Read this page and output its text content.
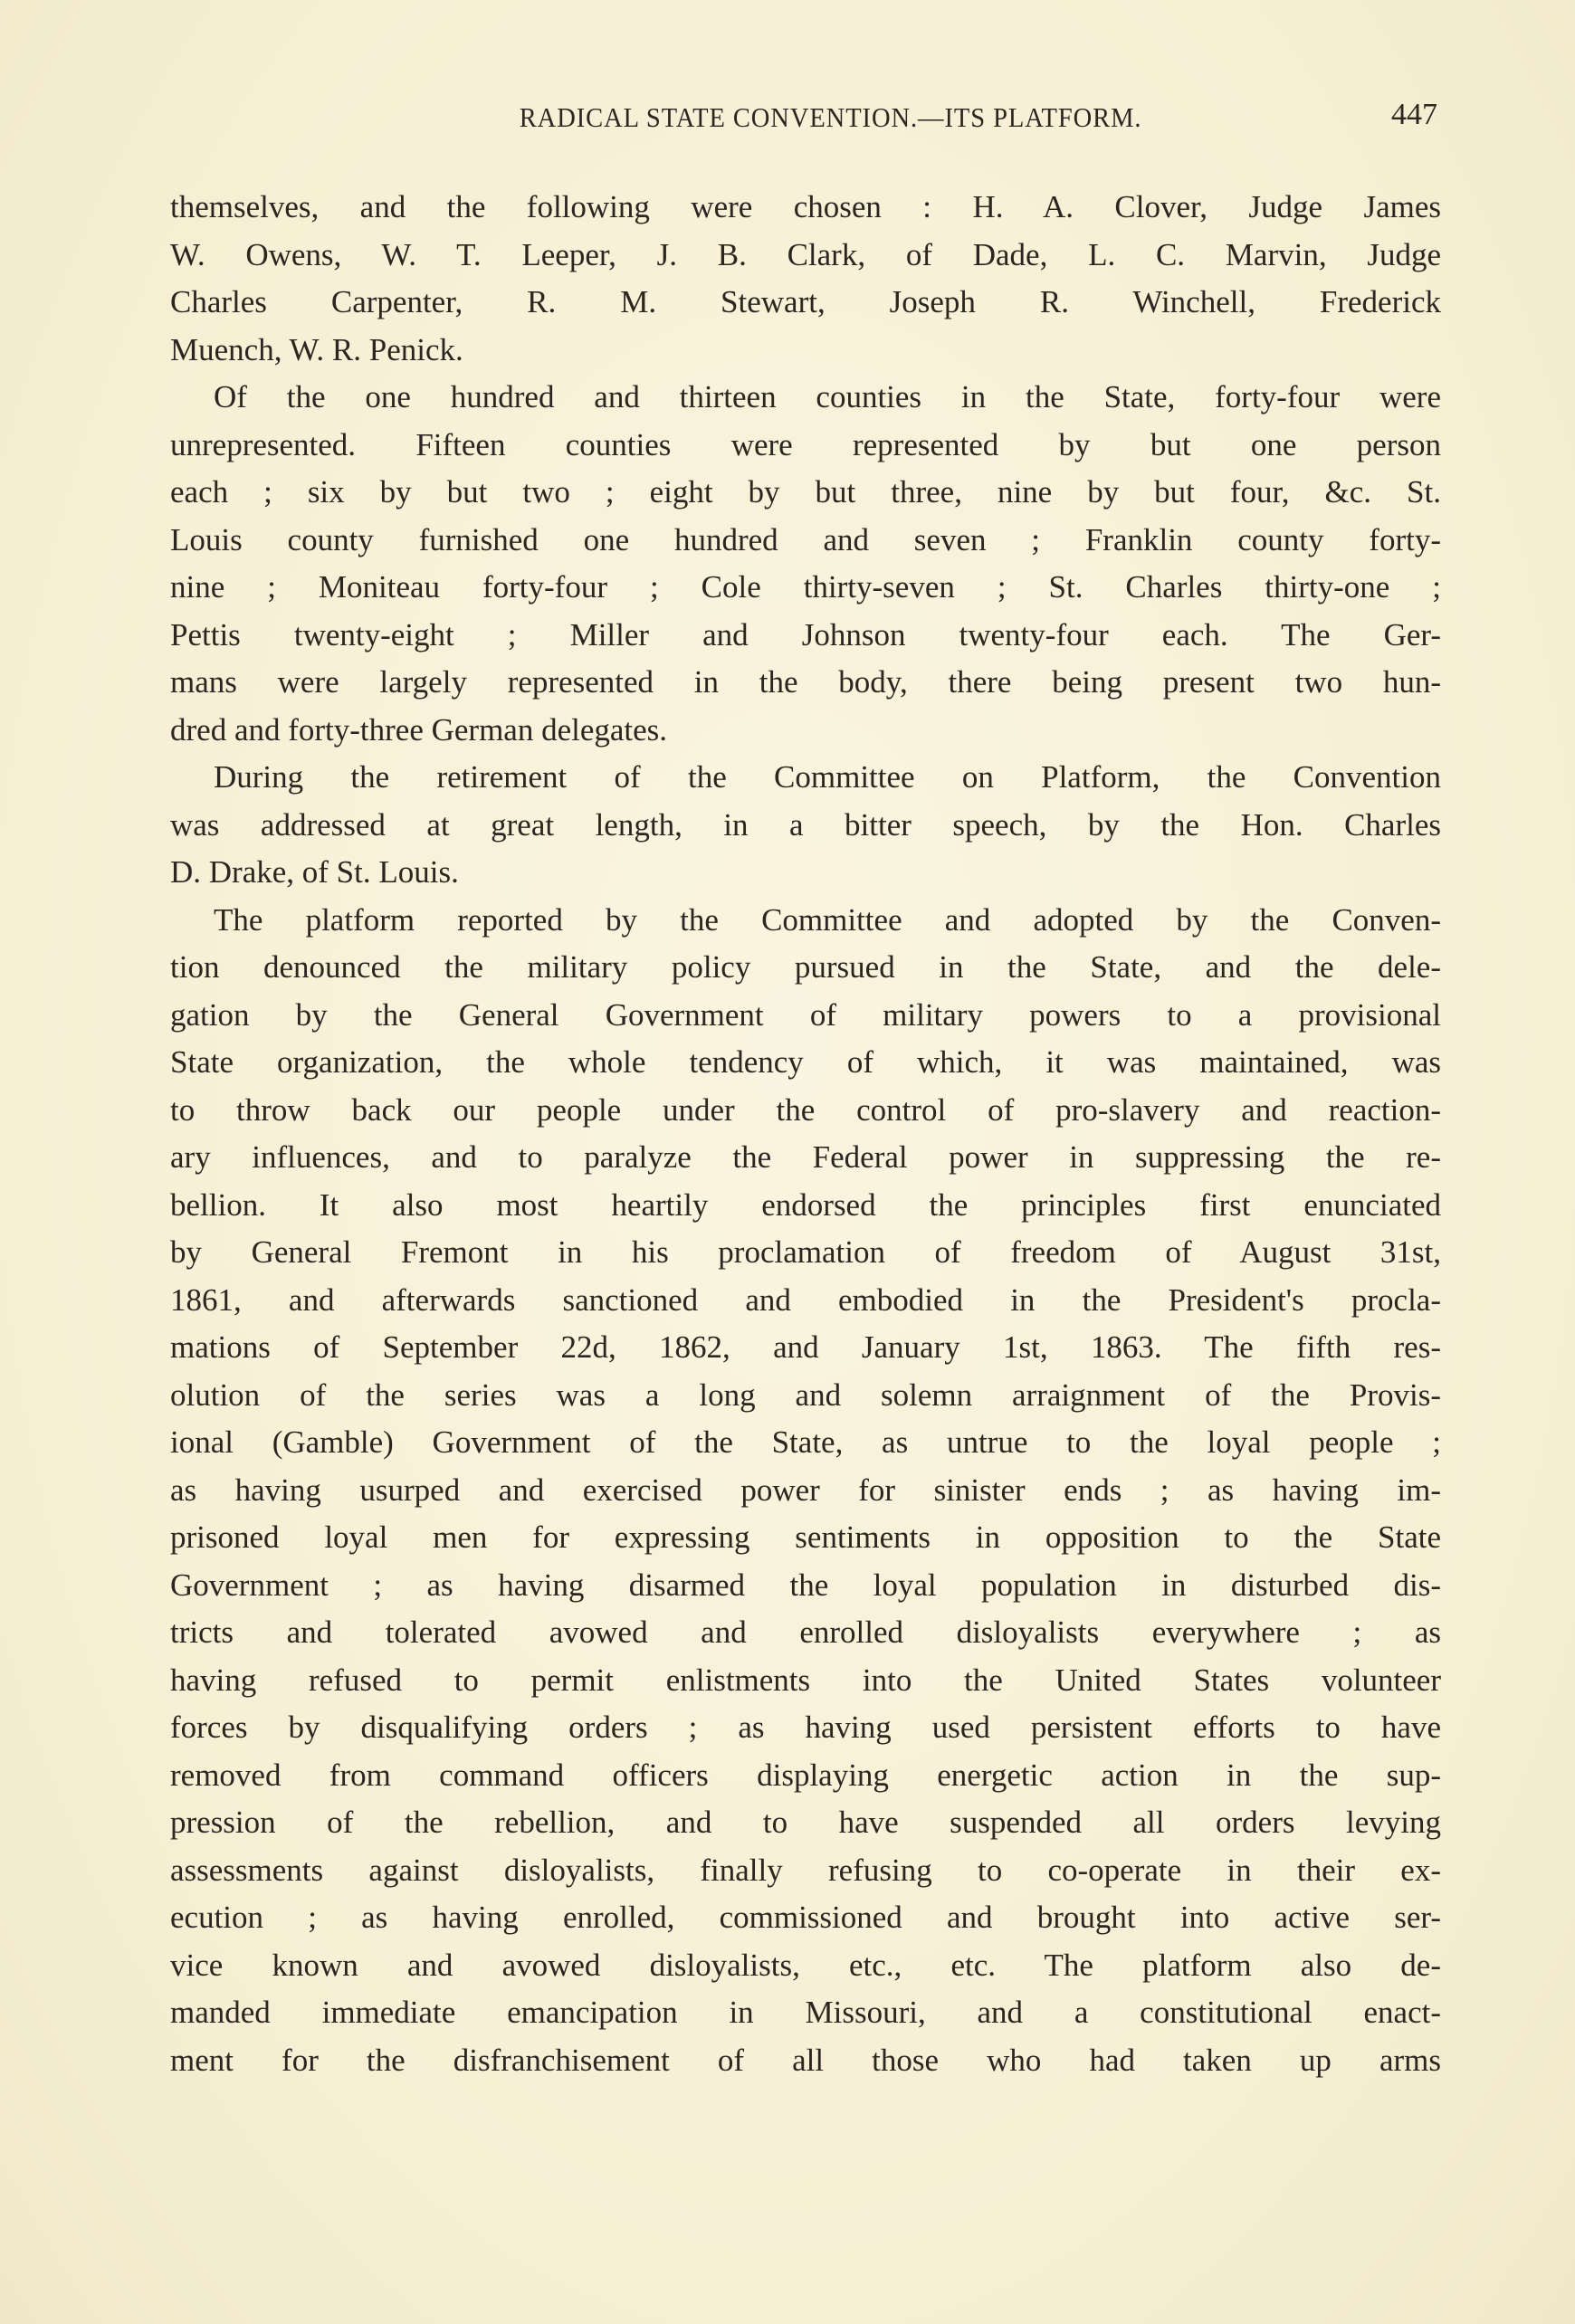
RADICAL STATE CONVENTION.—ITS PLATFORM.	447
themselves, and the following were chosen : H. A. Clover, Judge James
W. Owens, W. T. Leeper, J. B. Clark, of Dade, L. C. Marvin, Judge
Charles Carpenter, R. M. Stewart, Joseph R. Winchell, Frederick
Muench, W. R. Penick.
Of the one hundred and thirteen counties in the State, forty-four were
unrepresented. Fifteen counties were represented by but one person
each ; six by but two ; eight by but three, nine by but four, &c. St.
Louis county furnished one hundred and seven ; Franklin county forty-
nine ; Moniteau forty-four ; Cole thirty-seven ; St. Charles thirty-one ;
Pettis twenty-eight ; Miller and Johnson twenty-four each. The Ger-
mans were largely represented in the body, there being present two hun-
dred and forty-three German delegates.
During the retirement of the Committee on Platform, the Convention
was addressed at great length, in a bitter speech, by the Hon. Charles
D. Drake, of St. Louis.
The platform reported by the Committee and adopted by the Conven-
tion denounced the military policy pursued in the State, and the dele-
gation by the General Government of military powers to a provisional
State organization, the whole tendency of which, it was maintained, was
to throw back our people under the control of pro-slavery and reaction-
ary influences, and to paralyze the Federal power in suppressing the re-
bellion. It also most heartily endorsed the principles first enunciated
by General Fremont in his proclamation of freedom of August 31st,
1861, and afterwards sanctioned and embodied in the President's procla-
mations of September 22d, 1862, and January 1st, 1863. The fifth res-
olution of the series was a long and solemn arraignment of the Provis-
ional (Gamble) Government of the State, as untrue to the loyal people ;
as having usurped and exercised power for sinister ends ; as having im-
prisoned loyal men for expressing sentiments in opposition to the State
Government ; as having disarmed the loyal population in disturbed dis-
tricts and tolerated avowed and enrolled disloyalists everywhere ; as
having refused to permit enlistments into the United States volunteer
forces by disqualifying orders ; as having used persistent efforts to have
removed from command officers displaying energetic action in the sup-
pression of the rebellion, and to have suspended all orders levying
assessments against disloyalists, finally refusing to co-operate in their ex-
ecution ; as having enrolled, commissioned and brought into active ser-
vice known and avowed disloyalists, etc., etc. The platform also de-
manded immediate emancipation in Missouri, and a constitutional enact-
ment for the disfranchisement of all those who had taken up arms
